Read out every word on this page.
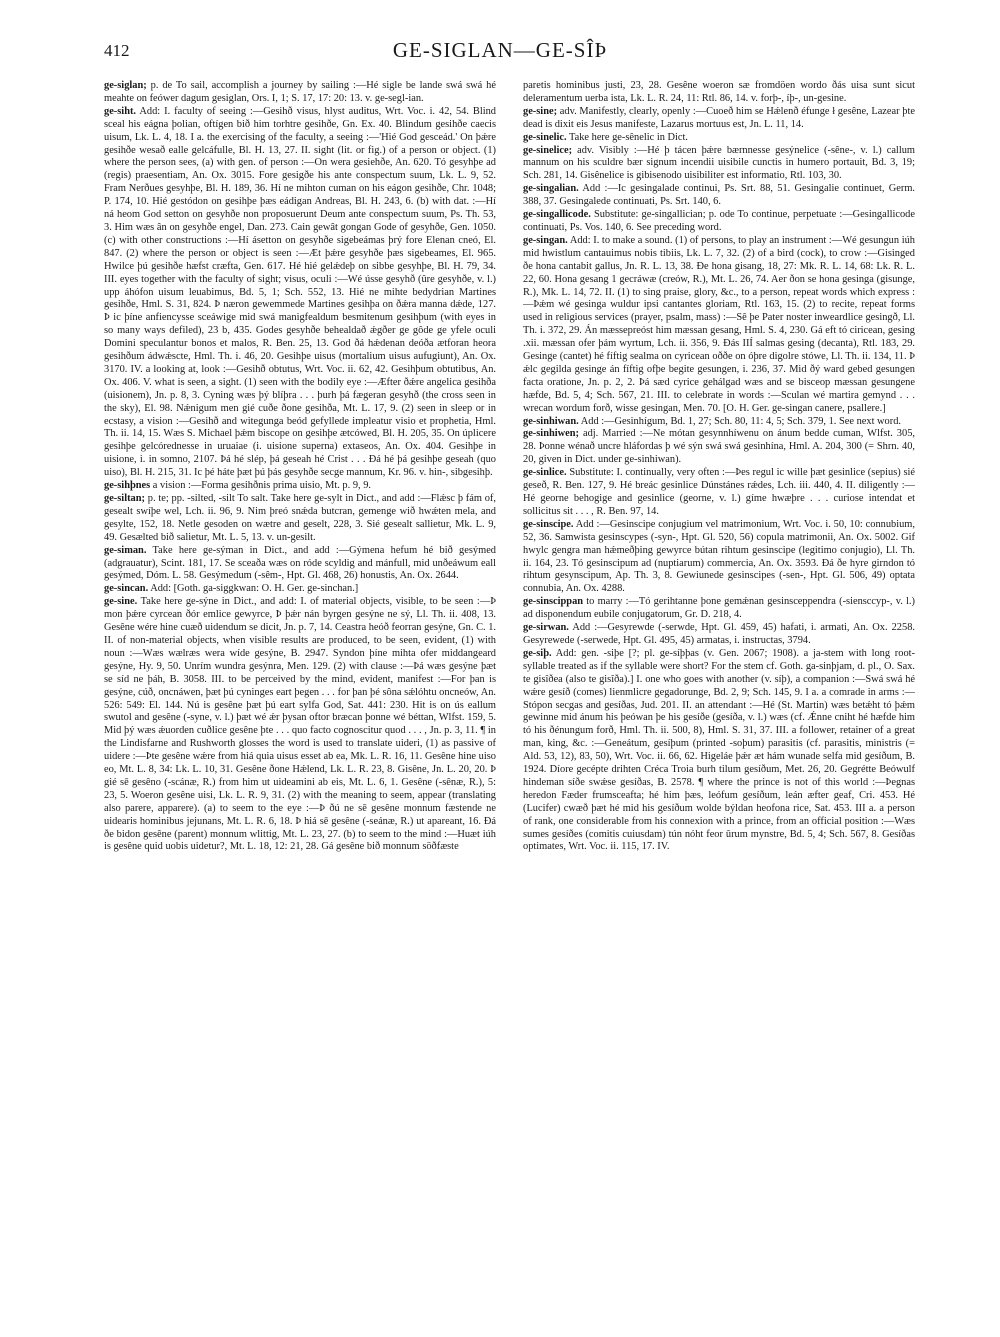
412	GE-SIGLAN—GE-SÎÞ
ge-siglan; p. de To sail, accomplish a journey by sailing :—Hé sigle be lande swá swá hé meahte on feówer dagum gesiglan, Ors. I, 1; S. 17, 17: 20: 13. v. ge-segl-ian.
ge-siht. Add: I. faculty of seeing :—Gesihð visus, hlyst auditus, Wrt. Voc. i. 42, 54. Blind sceal his eágna þolian, oftígen bið him torhtre gesihðe, Gn. Ex. 40. Blindum gesihðe caecis uisum, Lk. L. 4, 18. I a. the exercising of the faculty, a seeing :—'Hié God gesceád.' On þǽre gesihðe wesað ealle gelcáfulle, Bl. H. 13, 27. II. sight (lit. or fig.) of a person or object. (1) where the person sees, (a) with gen. of person :—On wera gesiehðe, An. 620. Tó gesyhþe ad (regis) praesentiam, An. Ox. 3015. Fore gesigðe his ante conspectum suum, Lk. L. 9, 52. Fram Nerðues gesyhþe, Bl. H. 189, 36. Hí ne mihton cuman on his eágon gesihðe, Chr. 1048; P. 174, 10. Hié gestódon on gesihþe þæs eádigan Andreas, Bl. H. 243, 6. (b) with dat. :—Hí ná heom God setton on gesyhðe non proposuerunt Deum ante conspectum suum, Ps. Th. 53, 3. Him wæs ân on gesyhðe engel, Dan. 273. Cain gewât gongan Gode of gesyhðe, Gen. 1050. (c) with other constructions :—Hí ásetton on gesyhðe sigebeámas þrý fore Elenan cneó, El. 847. (2) where the person or object is seen :—Æt þǽre gesyhðe þæs sigebeames, El. 965. Hwilce þú gesihðe hæfst cræfta, Gen. 617. Hé hié gelǽdeþ on sibbe gesyhþe, Bl. H. 79, 34. III. eyes together with the faculty of sight; visus, oculi :—Wé ússe gesyhð (ûre gesyhðe, v. l.) upp áhófon uisum leuabimus, Bd. 5, 1; Sch. 552, 13. Hié ne mihte bedydrian Martines gesihðe, Hml. S. 31, 824. Þ næron gewemmede Martines gesihþa on ðǽra manna dǽde, 127. Þ ic þíne anfiencysse sceáwige mid swá manigfealdum besmitenum gesihþum (with eyes in so many ways defiled), 23 b, 435. Godes gesyhðe behealdað ǽgðer ge gôde ge yfele oculi Domini speculantur bonos et malos, R. Ben. 25, 13. God ðá hǽdenan deóða ætforan heora gesihðum ádwǽscte, Hml. Th. i. 46, 20. Gesihþe uisus (mortalium uisus aufugiunt), An. Ox. 3170. IV. a looking at, look :—Gesihð obtutus, Wrt. Voc. ii. 62, 42. Gesihþum obtutibus, An. Ox. 406. V. what is seen, a sight. (1) seen with the bodily eye :—Æfter ðǽre angelica gesihða (uisionem), Jn. p. 8, 3. Cyning wæs þý blíþra . . . þurh þá fægeran gesyhð (the cross seen in the sky), El. 98. Nǽnigum men gié cuðe ðone gesihða, Mt. L. 17, 9. (2) seen in sleep or in ecstasy, a vision :—Gesihð and witegunga beód gefyllede impleatur visio et prophetia, Hml. Th. ii. 14, 15. Wæs S. Michael þǽm biscope on gesihþe ætcówed, Bl. H. 205, 35. On úplicere gesihþe gelcórednesse in uruaiae (i. uisione superna) extaseos, An. Ox. 404. Gesihþe in uisione, i. in somno, 2107. Þá hé slép, þá geseah hé Crist . . . Ðá hé þá gesihþe geseah (quo uiso), Bl. H. 215, 31. Ic þé háte þæt þú þás gesyhðe secge mannum, Kr. 96. v. hin-, sibgesihþ.
ge-sihþnes a vision :—Forma gesihðnis prima uisio, Mt. p. 9, 9.
ge-siltan; p. te; pp. -silted, -silt To salt. Take here ge-sylt in Dict., and add :—Flǽsc þ fám of, gesealt swíþe wel, Lch. ii. 96, 9. Nim þreó snǽda butcran, gemenge wið hwǽten mela, and gesylte, 152, 18. Netle gesoden on wætre and geselt, 228, 3. Sié gesealt sallietur, Mk. L. 9, 49. Gesælted bið salietur, Mt. L. 5, 13. v. un-gesilt.
ge-siman. Take here ge-sýman in Dict., and add :—Gýmena hefum hé bið gesýmed (adgrauatur), Scint. 181, 17. Se sceaða wæs on róde scyldig and mánfull, mid unðeáwum eall gesýmed, Dóm. L. 58. Gesýmedum (-sêm-, Hpt. Gl. 468, 26) honustis, An. Ox. 2644.
ge-sincan. Add: [Goth. ga-siggkwan: O. H. Ger. ge-sinchan.]
ge-sine. Take here ge-sýne in Dict., and add: I. of material objects, visible, to be seen :—Þ mon þǽre cyrcean ðór emlice gewyrce, Þ þǽr nán byrgen gesýne ne sý, Ll. Th. ii. 408, 13. Gesêne wére hine cuæð uidendum se dicit, Jn. p. 7, 14. Ceastra heóð feorran gesýne, Gn. C. 1. II. of non-material objects, when visible results are produced, to be seen, evident, (1) with noun :—Wæs wælræs wera wíde gesýne, B. 2947. Syndon þíne mihta ofer middangeard gesýne, Hy. 9, 50. Unrím wundra gesýnra, Men. 129. (2) with clause :—Þá wæs gesýne þæt se síd ne þáh, B. 3058. III. to be perceived by the mind, evident, manifest :—For þan is gesýne, cúð, oncnáwen, þæt þú cyninges eart þegen . . . for þan þé sôna sǽlóhtu oncneów, An. 526: 549: El. 144. Nú is gesêne þæt þú eart sylfa God, Sat. 441: 230. Hit is on ús eallum swutol and gesêne (-syne, v. l.) þæt wé ǽr þysan oftor bræcan þonne wé béttan, Wlfst. 159, 5. Mid þý wæs ǽuorden cuðlice gesêne þte . . . quo facto cognoscitur quod . . . , Jn. p. 3, 11. ¶ in the Lindisfarne and Rushworth glosses the word is used to translate uideri, (1) as passive of uidere :—Þte gesêne wǽre from hiá quia uisus esset ab ea, Mk. L. R. 16, 11. Gesêne hine uiso eo, Mt. L. 8, 34: Lk. L. 10, 31. Gesêne ðone Hǽlend, Lk. L. R. 23, 8. Gisêne, Jn. L. 20, 20. Þ gié sē gesêno (-scánæ, R.) from him ut uideamini ab eis, Mt. L. 6, 1. Gesêne (-sênæ, R.), 5: 23, 5. Woeron gesêne uisi, Lk. L. R. 9, 31. (2) with the meaning to seem, appear (translating also parere, apparere). (a) to seem to the eye :—Þ ðú ne sē gesêne monnum fæstende ne uidearis hominibus jejunans, Mt. L. R. 6, 18. Þ hiá sē gesêne (-seánæ, R.) ut apareant, 16. Ðá ðe bidon gesêne (parent) monnum wlittig, Mt. L. 23, 27. (b) to seem to the mind :—Huæt iúh is gesêne quid uobis uidetur?, Mt. L. 18, 12: 21, 28. Gá gesêne bið monnum söðfæste
paretis hominibus justi, 23, 28. Gesêne woeron sæ fromdöen wordo ðás uisa sunt sicut deleramentum uerba ista, Lk. L. R. 24, 11: Rtl. 86, 14. v. forþ-, íþ-, un-gesine.
ge-sine; adv. Manifestly, clearly, openly :—Cuoeð him se Hǽlenð éfunge ł gesêne, Lazear þte dead is dixit eis Jesus manifeste, Lazarus mortuus est, Jn. L. 11, 14.
ge-sinelic. Take here ge-sênelic in Dict.
ge-sinelice; adv. Visibly :—Hé þ tácen þǽre bærnnesse gesýnelice (-sêne-, v. l.) callum mannum on his sculdre bær signum incendii uisibile cunctis in humero portauit, Bd. 3, 19; Sch. 281, 14. Gisênelice is gibisenodo uisibiliter est informatio, Rtl. 103, 30.
ge-singalian. Add :—Ic gesingalade continui, Ps. Srt. 88, 51. Gesingalie continuet, Germ. 388, 37. Gesingalede continuati, Ps. Srt. 140, 6.
ge-singallicode. Substitute: ge-singallician; p. ode To continue, perpetuate :—Gesingallicode continuati, Ps. Vos. 140, 6. See preceding word.
ge-singan. Add: I. to make a sound. (1) of persons, to play an instrument :—Wé gesungun iúh mid hwistlum cantauimus nobis tibiis, Lk. L. 7, 32. (2) of a bird (cock), to crow :—Gisinged ðe hona cantabit gallus, Jn. R. L. 13, 38. Ðe hona gisang, 18, 27: Mk. R. L. 14, 68: Lk. R. L. 22, 60. Hona gesang 1 gecráwæ (creów, R.), Mt. L. 26, 74. Aer ðon se hona gesinga (gisunge, R.), Mk. L. 14, 72. II. (1) to sing praise, glory, &c., to a person, repeat words which express :—Þǽm wé gesinga wuldur ipsi cantantes gloriam, Rtl. 163, 15. (2) to recite, repeat forms used in religious services (prayer, psalm, mass) :—Sê þe Pater noster inweardlice gesingð, Ll. Th. i. 372, 29. Án mæssepreóst him mæssan gesang, Hml. S. 4, 230. Gá eft tó ciricean, gesing .xii. mæssan ofer þám wyrtum, Lch. ii. 356, 9. Ðás IIÍ salmas gesing (decanta), Rtl. 183, 29. Gesinge (cantet) hé fíftig sealma on cyricean oððe on óþre digolre stówe, Ll. Th. ii. 134, 11. Þ ǽlc gegilda gesinge án fíftig ofþe begite gesungen, i. 236, 37. Mid ðý ward gebed gesungen facta oratione, Jn. p. 2, 2. Þá sæd cyrice gehálgad wæs and se bisceop mæssan gesungene hæfde, Bd. 5, 4; Sch. 567, 21. III. to celebrate in words :—Sculan wé martira gemynd . . . wrecan wordum forð, wisse gesingan, Men. 70. [O. H. Ger. ge-singan canere, psallere.]
ge-sinhiwan. Add :—Gesinhígum, Bd. 1, 27; Sch. 80, 11: 4, 5; Sch. 379, 1. See next word.
ge-sinhiwen; adj. Married :—Ne mótan gesynnhíwenu on ánum bedde cuman, Wlfst. 305, 28. Þonne wénað uncre hláfordas þ wé sýn swá swá gesinhína, Hml. A. 204, 300 (= Shrn. 40, 20, given in Dict. under ge-sinhiwan).
ge-sinlice. Substitute: I. continually, very often :—Þes regul ic wille þæt gesinlice (sepius) sié geseð, R. Ben. 127, 9. Hé breác gesinlice Dúnstánes rǽdes, Lch. iii. 440, 4. II. diligently :—Hé georne behogige and gesinlice (georne, v. l.) gíme hwæþre . . . curiose intendat et sollicitus sit . . . , R. Ben. 97, 14.
ge-sinscipe. Add :—Gesinscipe conjugium vel matrimonium, Wrt. Voc. i. 50, 10: connubium, 52, 36. Samwista gesinscypes (-syn-, Hpt. Gl. 520, 56) copula matrimonii, An. Ox. 5002. Gif hwylc gengra man hǽmeðþing gewyrce bútan rihtum gesinscipe (legitimo conjugio), Ll. Th. ii. 164, 23. Tó gesinscipum ad (nuptiarum) commercia, An. Ox. 3593. Ðá ðe hyre girndon tó rihtum gesynscipum, Ap. Th. 3, 8. Gewiunede gesinscipes (-sen-, Hpt. Gl. 506, 49) optata connubia, An. Ox. 4288.
ge-sinscippan to marry :—Tó gerihtanne þone gemǽnan gesinsceppendra (-siensccyp-, v. l.) ad disponendum eubile conjugatorum, Gr. D. 218, 4.
ge-sirwan. Add :—Gesyrewde (-serwde, Hpt. Gl. 459, 45) hafati, i. armati, An. Ox. 2258. Gesyrewede (-serwede, Hpt. Gl. 495, 45) armatas, i. instructas, 3794.
ge-siþ. Add: gen. -siþe [?; pl. ge-síþþas (v. Gen. 2067; 1908). a ja-stem with long root-syllable treated as if the syllable were short? For the stem cf. Goth. ga-sinþjam, d. pl., O. Sax. te gisîðea (also te gisîða).] I. one who goes with another (v. síþ), a companion :—Swá swá hé wǽre gesíð (comes) lienmlicre gegadorunge, Bd. 2, 9; Sch. 145, 9. I a. a comrade in arms :—Stópon secgas and gesíðas, Jud. 201. II. an attendant :—Hé (St. Martin) wæs betǽht tó þǽm gewinne mid ánum his þeówan þe his gesíðe (gesíða, v. l.) wæs (cf. Ǽnne cniht hé hæfde him tó his ðénungum forð, Hml. Th. ii. 500, 8), Hml. S. 31, 37. III. a follower, retainer of a great man, king, &c. :—Geneátum, gesíþum (printed -soþum) parasitis (cf. parasitis, ministris (= Ald. 53, 12), 83, 50), Wrt. Voc. ii. 66, 62. Higeláe þǽr æt hám wunade selfa mid gesíðum, B. 1924. Díore gecépte drihten Créca Troia burh tilum gesíðum, Met. 26, 20. Gegrétte Beówulf hindeman síðe swǽse gesíðas, B. 2578. ¶ where the prince is not of this world :—Þegnas heredon Fæder frumsceafta; hé him þæs, leófum gesíðum, leán æfter geaf, Cri. 453. Hé (Lucifer) cwæð þæt hé mid his gesíðum wolde býldan heofona rice, Sat. 453. III a. a person of rank, one considerable from his connexion with a prince, from an official position :—Wæs sumes gesíðes (comitis cuiusdam) tún nóht feor ûrum mynstre, Bd. 5, 4; Sch. 567, 8. Gesíðas optimates, Wrt. Voc. ii. 115, 17. IV.
